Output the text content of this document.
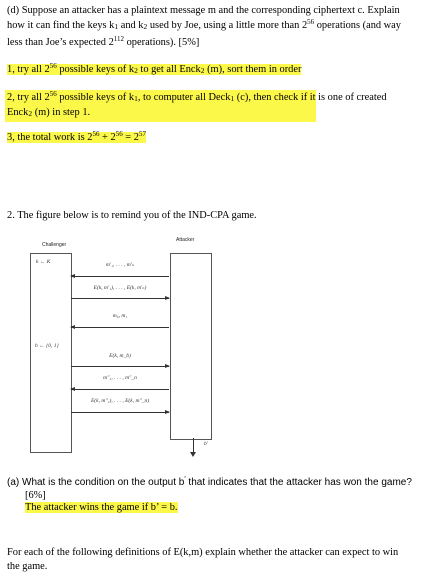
(d) Suppose an attacker has a plaintext message m and the corresponding ciphertext c. Explain
how it can find the keys $k_1$ and $k_2$ used by Joe, using a little more than $2^{56}$ operations (and way
less than Joe’s expected $2^{112}$ operations). [5%]
1, try all $2^{56}$ possible keys of $k_2$ to get all Enck$_2$ (m), sort them in order
2, try all $2^{56}$ possible keys of $k_1$, to computer all Deck$_1$ (c), then check if it is one of created
Enck$_2$ (m) in step 1.
3, the total work is $2^{56} + 2^{56} = 2^{57}$
2. The figure below is to remind you of the IND-CPA game.
Challenger
Attacker
k ← K
b ← {0, 1}
m′₁, . . . , m′ₙ
E(k, m′₁), . . . , E(k, m′ₙ)
m₀, m₁
E(k, m_b)
m″₁, . . . , m″_n
E(k, m″₁), . . . , E(k, m″_n)
b′
(a) What is the condition on the output b′ that indicates that the attacker has won the game?
[6%]
The attacker wins the game if b’ = b.
For each of the following definitions of E(k,m) explain whether the attacker can expect to win
the game.
